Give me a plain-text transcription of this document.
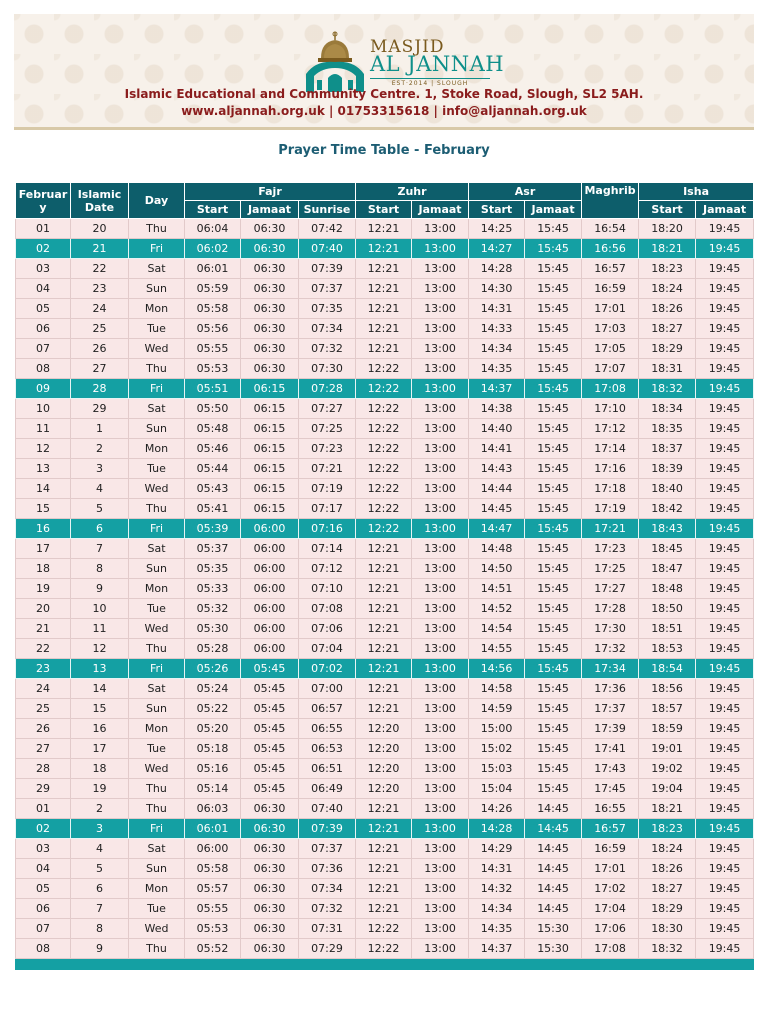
MASJID
AL JANNAH
EST·2014 | SLOUGH
Islamic Educational and Community Centre. 1, Stoke Road, Slough, SL2 5AH.
www.aljannah.org.uk | 01753315618 | info@aljannah.org.uk
Prayer Time Table - February
Februar y	Islamic Date	Day	Fajr			Zuhr		Asr		Maghrib	Isha	
			Start	Jamaat	Sunrise	Start	Jamaat	Start	Jamaat		Start	Jamaat
01	20	Thu	06:04	06:30	07:42	12:21	13:00	14:25	15:45	16:54	18:20	19:45
02	21	Fri	06:02	06:30	07:40	12:21	13:00	14:27	15:45	16:56	18:21	19:45
03	22	Sat	06:01	06:30	07:39	12:21	13:00	14:28	15:45	16:57	18:23	19:45
04	23	Sun	05:59	06:30	07:37	12:21	13:00	14:30	15:45	16:59	18:24	19:45
05	24	Mon	05:58	06:30	07:35	12:21	13:00	14:31	15:45	17:01	18:26	19:45
06	25	Tue	05:56	06:30	07:34	12:21	13:00	14:33	15:45	17:03	18:27	19:45
07	26	Wed	05:55	06:30	07:32	12:21	13:00	14:34	15:45	17:05	18:29	19:45
08	27	Thu	05:53	06:30	07:30	12:22	13:00	14:35	15:45	17:07	18:31	19:45
09	28	Fri	05:51	06:15	07:28	12:22	13:00	14:37	15:45	17:08	18:32	19:45
10	29	Sat	05:50	06:15	07:27	12:22	13:00	14:38	15:45	17:10	18:34	19:45
11	1	Sun	05:48	06:15	07:25	12:22	13:00	14:40	15:45	17:12	18:35	19:45
12	2	Mon	05:46	06:15	07:23	12:22	13:00	14:41	15:45	17:14	18:37	19:45
13	3	Tue	05:44	06:15	07:21	12:22	13:00	14:43	15:45	17:16	18:39	19:45
14	4	Wed	05:43	06:15	07:19	12:22	13:00	14:44	15:45	17:18	18:40	19:45
15	5	Thu	05:41	06:15	07:17	12:22	13:00	14:45	15:45	17:19	18:42	19:45
16	6	Fri	05:39	06:00	07:16	12:22	13:00	14:47	15:45	17:21	18:43	19:45
17	7	Sat	05:37	06:00	07:14	12:21	13:00	14:48	15:45	17:23	18:45	19:45
18	8	Sun	05:35	06:00	07:12	12:21	13:00	14:50	15:45	17:25	18:47	19:45
19	9	Mon	05:33	06:00	07:10	12:21	13:00	14:51	15:45	17:27	18:48	19:45
20	10	Tue	05:32	06:00	07:08	12:21	13:00	14:52	15:45	17:28	18:50	19:45
21	11	Wed	05:30	06:00	07:06	12:21	13:00	14:54	15:45	17:30	18:51	19:45
22	12	Thu	05:28	06:00	07:04	12:21	13:00	14:55	15:45	17:32	18:53	19:45
23	13	Fri	05:26	05:45	07:02	12:21	13:00	14:56	15:45	17:34	18:54	19:45
24	14	Sat	05:24	05:45	07:00	12:21	13:00	14:58	15:45	17:36	18:56	19:45
25	15	Sun	05:22	05:45	06:57	12:21	13:00	14:59	15:45	17:37	18:57	19:45
26	16	Mon	05:20	05:45	06:55	12:20	13:00	15:00	15:45	17:39	18:59	19:45
27	17	Tue	05:18	05:45	06:53	12:20	13:00	15:02	15:45	17:41	19:01	19:45
28	18	Wed	05:16	05:45	06:51	12:20	13:00	15:03	15:45	17:43	19:02	19:45
29	19	Thu	05:14	05:45	06:49	12:20	13:00	15:04	15:45	17:45	19:04	19:45
01	2	Thu	06:03	06:30	07:40	12:21	13:00	14:26	14:45	16:55	18:21	19:45
02	3	Fri	06:01	06:30	07:39	12:21	13:00	14:28	14:45	16:57	18:23	19:45
03	4	Sat	06:00	06:30	07:37	12:21	13:00	14:29	14:45	16:59	18:24	19:45
04	5	Sun	05:58	06:30	07:36	12:21	13:00	14:31	14:45	17:01	18:26	19:45
05	6	Mon	05:57	06:30	07:34	12:21	13:00	14:32	14:45	17:02	18:27	19:45
06	7	Tue	05:55	06:30	07:32	12:21	13:00	14:34	14:45	17:04	18:29	19:45
07	8	Wed	05:53	06:30	07:31	12:22	13:00	14:35	15:30	17:06	18:30	19:45
08	9	Thu	05:52	06:30	07:29	12:22	13:00	14:37	15:30	17:08	18:32	19:45
